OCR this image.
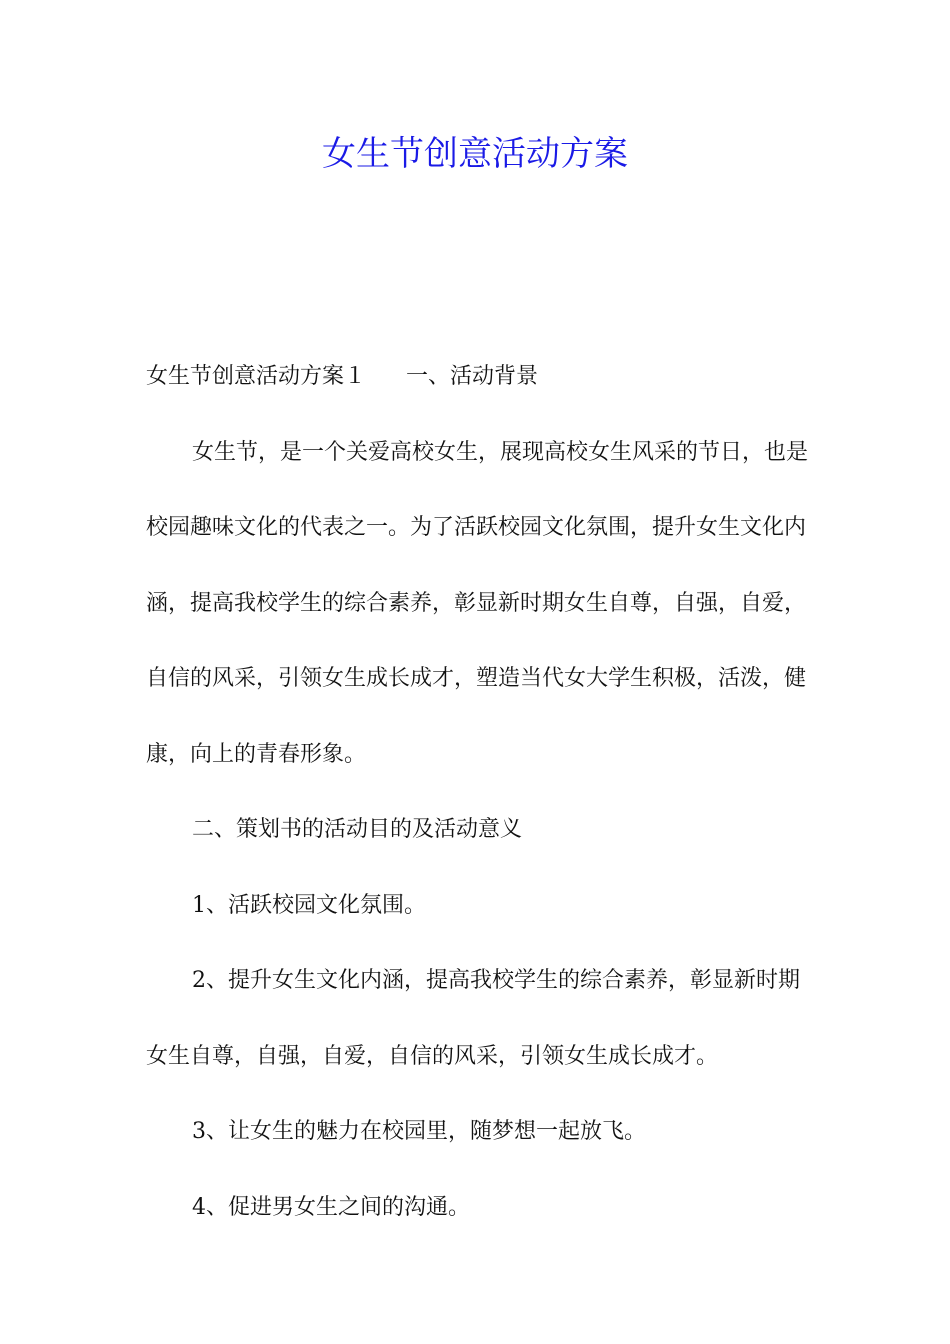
女生节创意活动方案

女生节创意活动方案１ 一、活动背景

女生节，是一个关爱高校女生，展现高校女生风采的节日，也是校园趣味文化的代表之一。为了活跃校园文化氛围，提升女生文化内涵，提高我校学生的综合素养，彰显新时期女生自尊，自强，自爱，自信的风采，引领女生成长成才，塑造当代女大学生积极，活泼，健康，向上的青春形象。

二、策划书的活动目的及活动意义

1、活跃校园文化氛围。

2、提升女生文化内涵，提高我校学生的综合素养，彰显新时期女生自尊，自强，自爱，自信的风采，引领女生成长成才。

3、让女生的魅力在校园里，随梦想一起放飞。

4、促进男女生之间的沟通。
